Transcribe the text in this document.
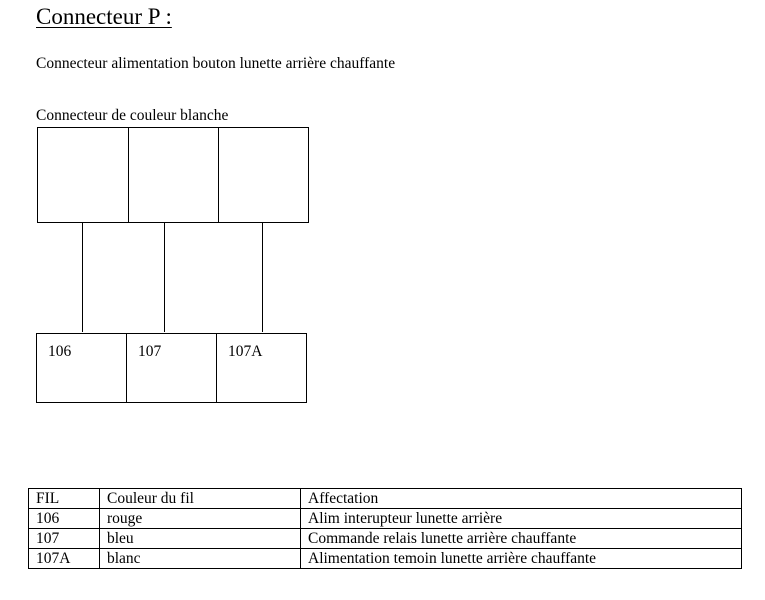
Connecteur P :
Connecteur alimentation bouton lunette arrière chauffante
Connecteur de couleur blanche
106	107	107A
FIL	Couleur du fil	Affectation
106	rouge	Alim interupteur lunette arrière
107	bleu	Commande relais lunette arrière chauffante
107A	blanc	Alimentation temoin lunette arrière chauffante
